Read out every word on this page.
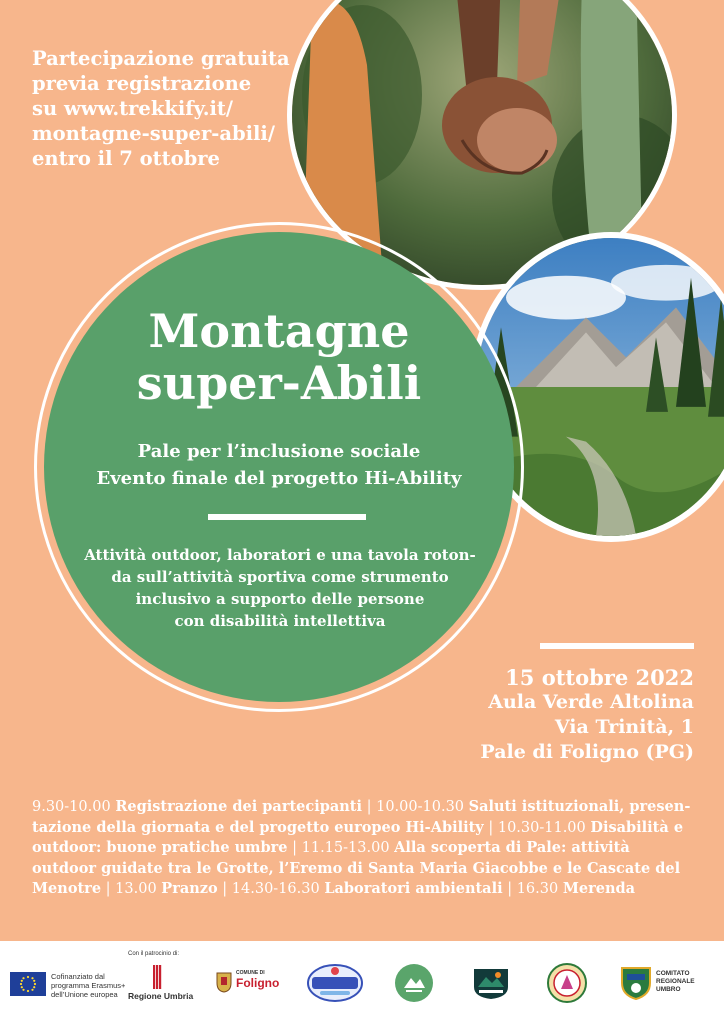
Partecipazione gratuita
previa registrazione
su www.trekkify.it/
montagne-super-abili/
entro il 7 ottobre
Montagne
super-Abili
Pale per l’inclusione sociale
Evento finale del progetto Hi-Ability
Attività outdoor, laboratori e una tavola roton-
da sull’attività sportiva come strumento
inclusivo a supporto delle persone
con disabilità intellettiva
15 ottobre 2022
Aula Verde Altolina
Via Trinità, 1
Pale di Foligno (PG)
9.30-10.00 Registrazione dei partecipanti | 10.00-10.30 Saluti istituzionali, presen-tazione della giornata e del progetto europeo Hi-Ability | 10.30-11.00 Disabilità e outdoor: buone pratiche umbre | 11.15-13.00 Alla scoperta di Pale: attività outdoor guidate tra le Grotte, l’Eremo di Santa Maria Giacobbe e le Cascate del Menotre | 13.00 Pranzo | 14.30-16.30 Laboratori ambientali | 16.30 Merenda
Cofinanziato dal
programma Erasmus+
dell’Unione europea
Con il patrocinio di:
Regione Umbria
COMUNE DI
Foligno
COMITATO
REGIONALE
UMBRO
